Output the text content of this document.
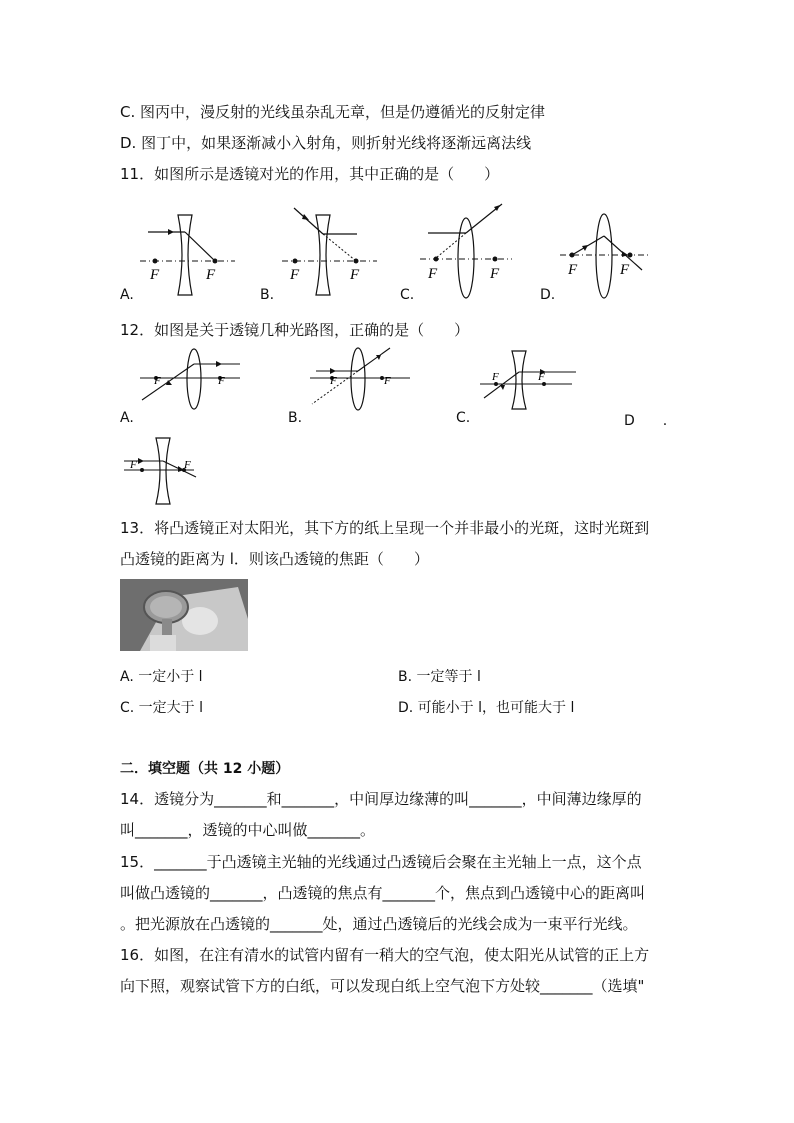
C. 图丙中，漫反射的光线虽杂乱无章，但是仍遵循光的反射定律
D. 图丁中，如果逐渐减小入射角，则折射光线将逐渐远离法线
11．如图所示是透镜对光的作用，其中正确的是（　　）
F	F	F	F	F	F	F	F
A.	B.	C.	D.
12．如图是关于透镜几种光路图，正确的是（　　）
F	F	F	F	F	F
A.	B.	C.	D　　.
F	F
13．将凸透镜正对太阳光，其下方的纸上呈现一个并非最小的光斑，这时光斑到
凸透镜的距离为 l．则该凸透镜的焦距（　　）
A. 一定小于 l	B. 一定等于 l
C. 一定大于 l	D. 可能小于 l，也可能大于 l
二．填空题（共 12 小题）
14．透镜分为_______和_______，中间厚边缘薄的叫_______，中间薄边缘厚的
叫_______，透镜的中心叫做_______。
15．_______于凸透镜主光轴的光线通过凸透镜后会聚在主光轴上一点，这个点
叫做凸透镜的_______，凸透镜的焦点有_______个，焦点到凸透镜中心的距离叫
。把光源放在凸透镜的_______处，通过凸透镜后的光线会成为一束平行光线。
16．如图，在注有清水的试管内留有一稍大的空气泡，使太阳光从试管的正上方
向下照，观察试管下方的白纸，可以发现白纸上空气泡下方处较_______（选填"
